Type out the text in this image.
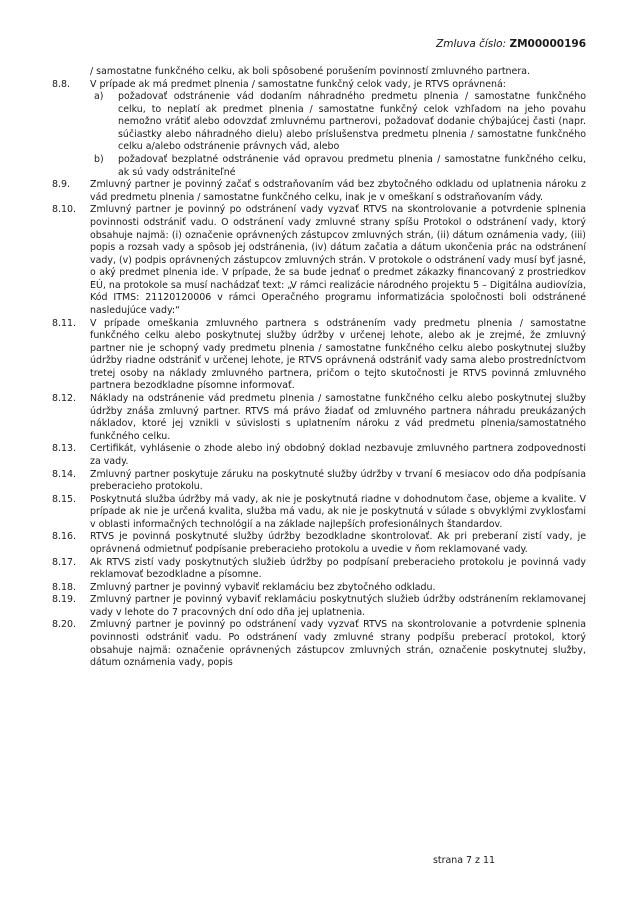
Zmluva číslo: ZM00000196

/ samostatne funkčného celku, ak boli spôsobené porušením povinností zmluvného partnera.

8.8. V prípade ak má predmet plnenia / samostatne funkčný celok vady, je RTVS oprávnená:

a) požadovať odstránenie vád dodaním náhradného predmetu plnenia / samostatne funkčného celku, to neplatí ak predmet plnenia / samostatne funkčný celok vzhľadom na jeho povahu nemožno vrátiť alebo odovzdať zmluvnému partnerovi, požadovať dodanie chýbajúcej časti (napr. súčiastky alebo náhradného dielu) alebo príslušenstva predmetu plnenia / samostatne funkčného celku a/alebo odstránenie právnych vád, alebo

b) požadovať bezplatné odstránenie vád opravou predmetu plnenia / samostatne funkčného celku, ak sú vady odstrániteľné

8.9. Zmluvný partner je povinný začať s odstraňovaním vád bez zbytočného odkladu od uplatnenia nároku z vád predmetu plnenia / samostatne funkčného celku, inak je v omeškaní s odstraňovaním vády.

8.10. Zmluvný partner je povinný po odstránení vady vyzvať RTVS na skontrolovanie a potvrdenie splnenia povinnosti odstrániť vadu. O odstránení vady zmluvné strany spíšu Protokol o odstránení vady, ktorý obsahuje najmä: (i) označenie oprávnených zástupcov zmluvných strán, (ii) dátum oznámenia vady, (iii) popis a rozsah vady a spôsob jej odstránenia, (iv) dátum začatia a dátum ukončenia prác na odstránení vady, (v) podpis oprávnených zástupcov zmluvných strán. V protokole o odstránení vady musí byť jasné, o aký predmet plnenia ide. V prípade, že sa bude jednať o predmet zákazky financovaný z prostriedkov EÚ, na protokole sa musí nachádzať text: „V rámci realizácie národného projektu 5 – Digitálna audiovízia, Kód ITMS: 21120120006 v rámci Operačného programu informatizácia spoločnosti boli odstránené nasledujúce vady:“

8.11. V prípade omeškania zmluvného partnera s odstránením vady predmetu plnenia / samostatne funkčného celku alebo poskytnutej služby údržby v určenej lehote, alebo ak je zrejmé, že zmluvný partner nie je schopný vady predmetu plnenia / samostatne funkčného celku alebo poskytnutej služby údržby riadne odstrániť v určenej lehote, je RTVS oprávnená odstrániť vady sama alebo prostredníctvom tretej osoby na náklady zmluvného partnera, pričom o tejto skutočnosti je RTVS povinná zmluvného partnera bezodkladne písomne informovať.

8.12. Náklady na odstránenie vád predmetu plnenia / samostatne funkčného celku alebo poskytnutej služby údržby znáša zmluvný partner. RTVS má právo žiadať od zmluvného partnera náhradu preukázaných nákladov, ktoré jej vznikli v súvislosti s uplatnením nároku z vád predmetu plnenia/samostatného funkčného celku.

8.13. Certifikát, vyhlásenie o zhode alebo iný obdobný doklad nezbavuje zmluvného partnera zodpovednosti za vady.

8.14. Zmluvný partner poskytuje záruku na poskytnuté služby údržby v trvaní 6 mesiacov odo dňa podpísania preberacieho protokolu.

8.15. Poskytnutá služba údržby má vady, ak nie je poskytnutá riadne v dohodnutom čase, objeme a kvalite. V prípade ak nie je určená kvalita, služba má vadu, ak nie je poskytnutá v súlade s obvyklými zvyklosťami v oblasti informačných technológií a na základe najlepších profesionálnych štandardov.

8.16. RTVS je povinná poskytnuté služby údržby bezodkladne skontrolovať. Ak pri preberaní zistí vady, je oprávnená odmietnuť podpísanie preberacieho protokolu a uvedie v ňom reklamované vady.

8.17. Ak RTVS zistí vady poskytnutých služieb údržby po podpísaní preberacieho protokolu je povinná vady reklamovať bezodkladne a písomne.

8.18. Zmluvný partner je povinný vybaviť reklamáciu bez zbytočného odkladu.

8.19. Zmluvný partner je povinný vybaviť reklamáciu poskytnutých služieb údržby odstránením reklamovanej vady v lehote do 7 pracovných dní odo dňa jej uplatnenia.

8.20. Zmluvný partner je povinný po odstránení vady vyzvať RTVS na skontrolovanie a potvrdenie splnenia povinnosti odstrániť vadu. Po odstránení vady zmluvné strany podpíšu preberací protokol, ktorý obsahuje najmä: označenie oprávnených zástupcov zmluvných strán, označenie poskytnutej služby, dátum oznámenia vady, popis

strana 7 z 11
